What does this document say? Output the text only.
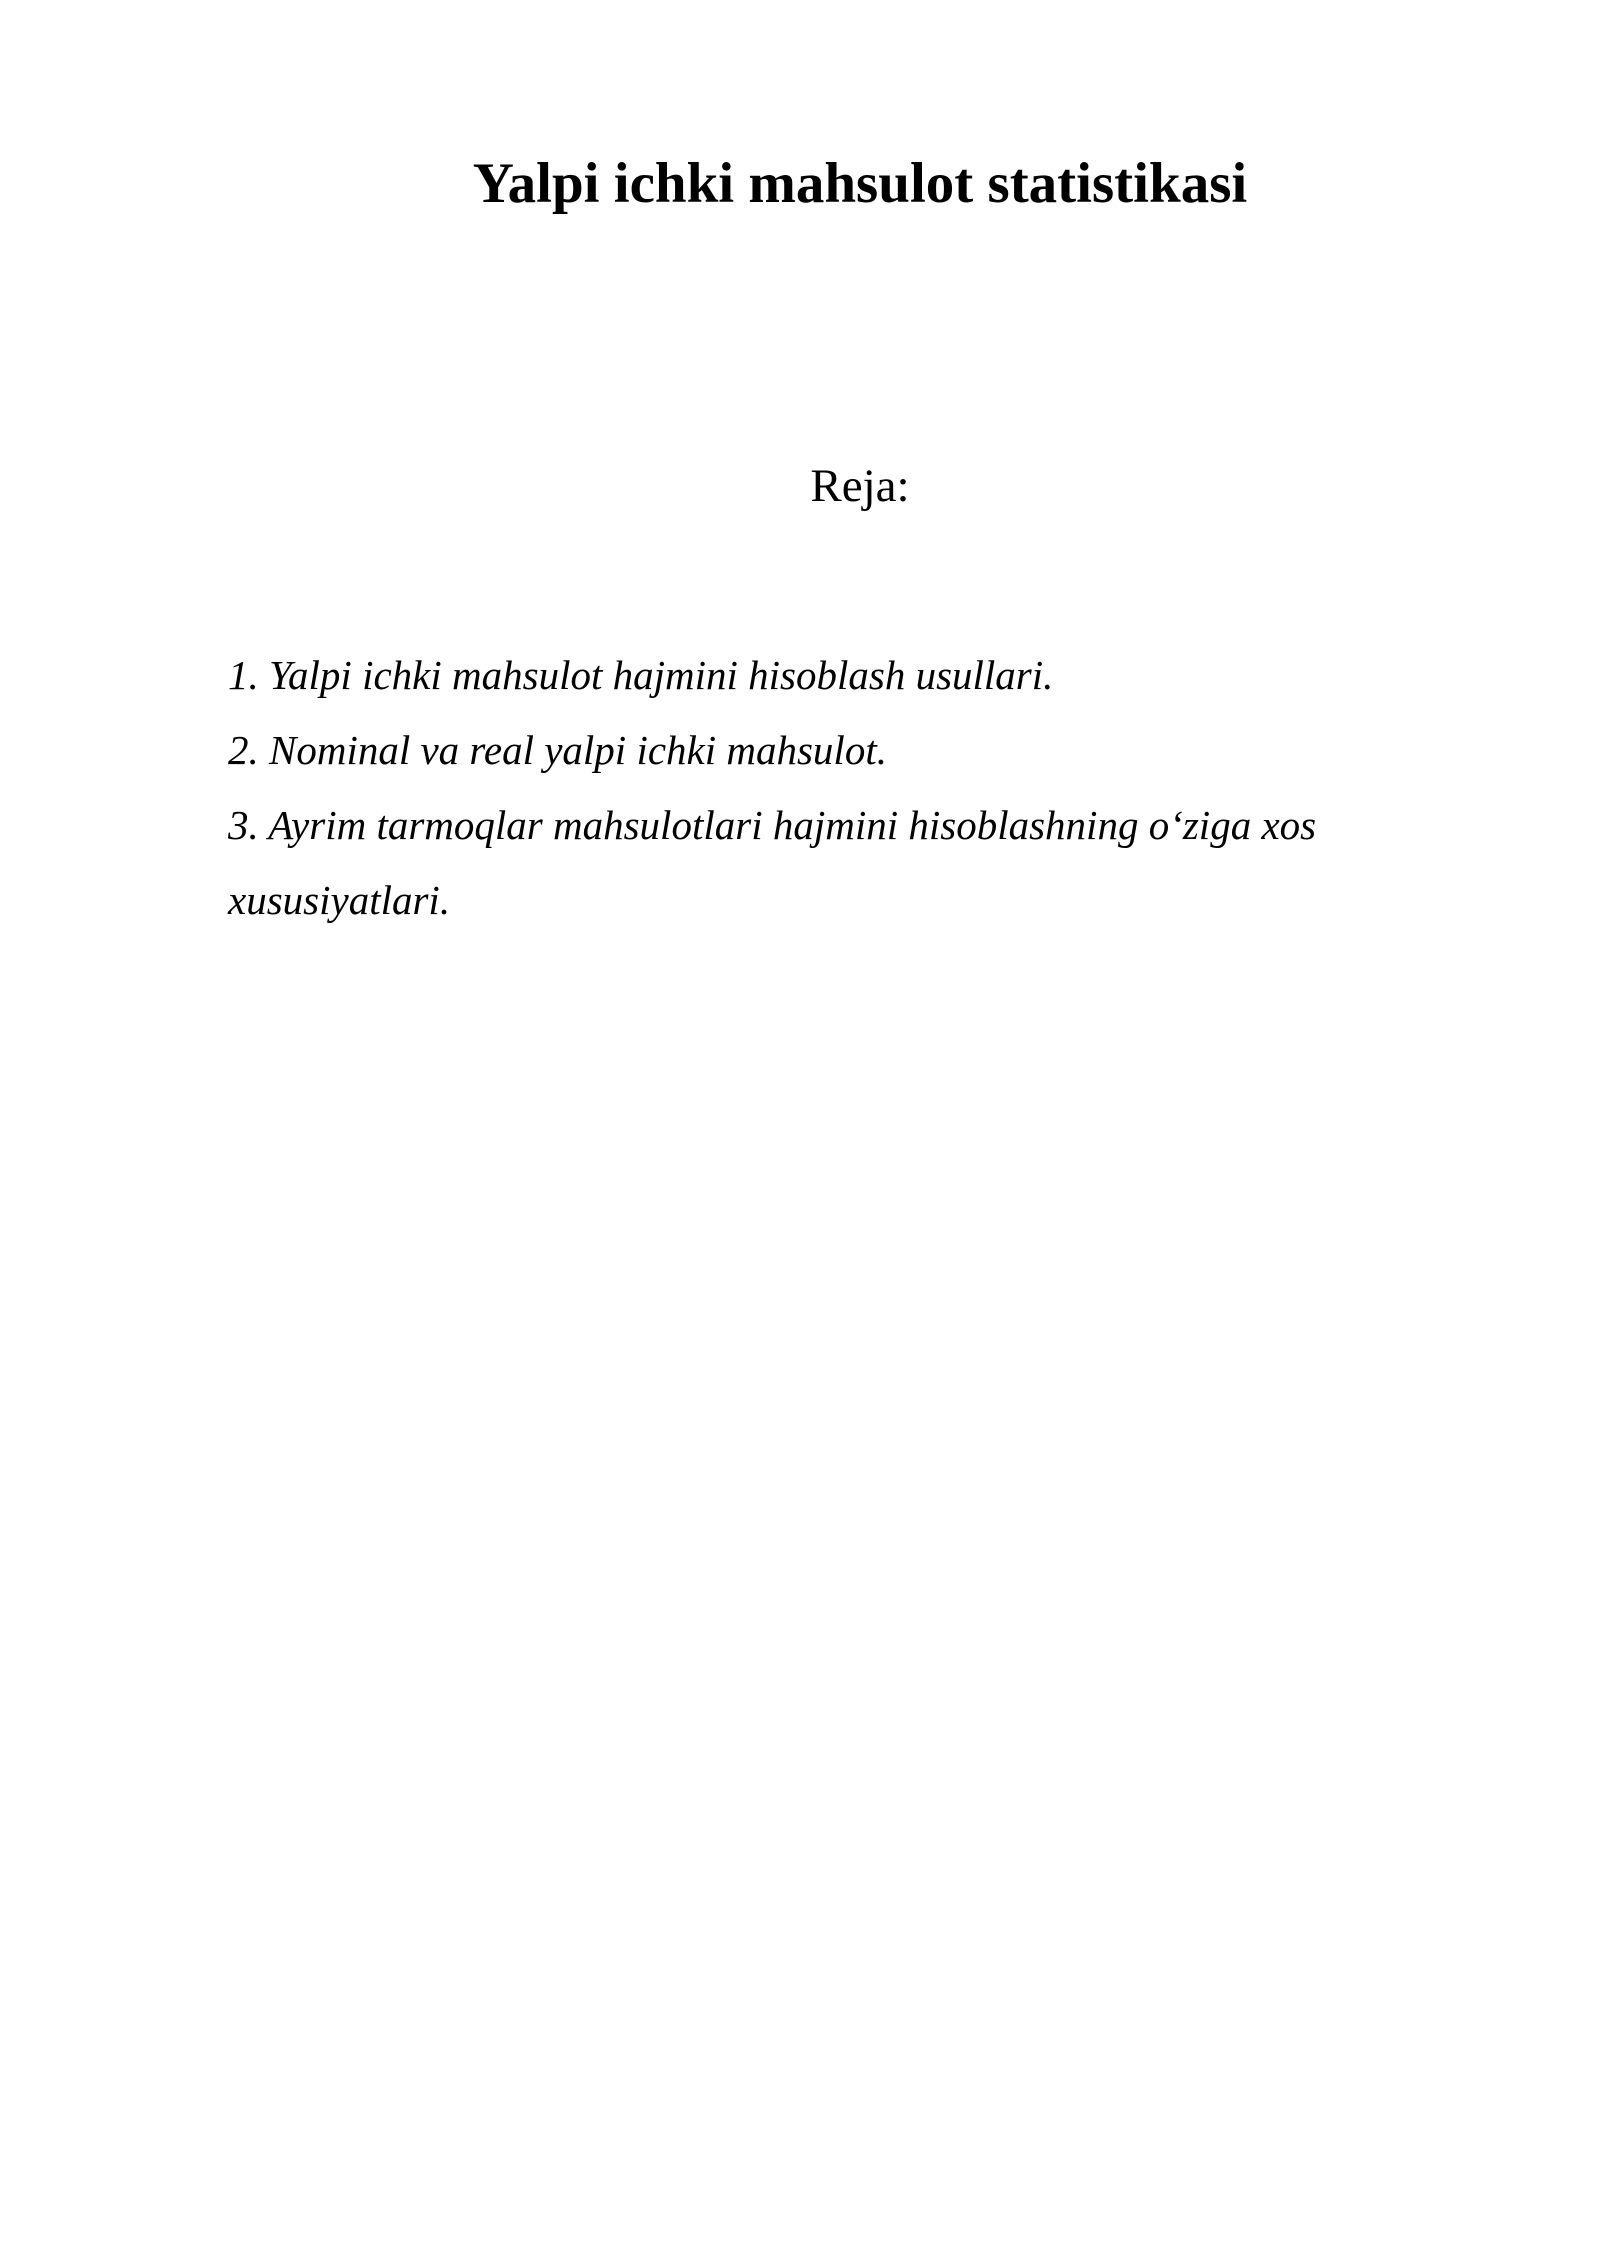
Yalpi ichki mahsulot statistikasi
Reja:
1. Yalpi ichki mahsulot hajmini hisoblash usullari.
2. Nominal va real yalpi ichki mahsulot.
3. Ayrim tarmoqlar mahsulotlari hajmini hisoblashning o‘ziga xos xususiyatlari.
